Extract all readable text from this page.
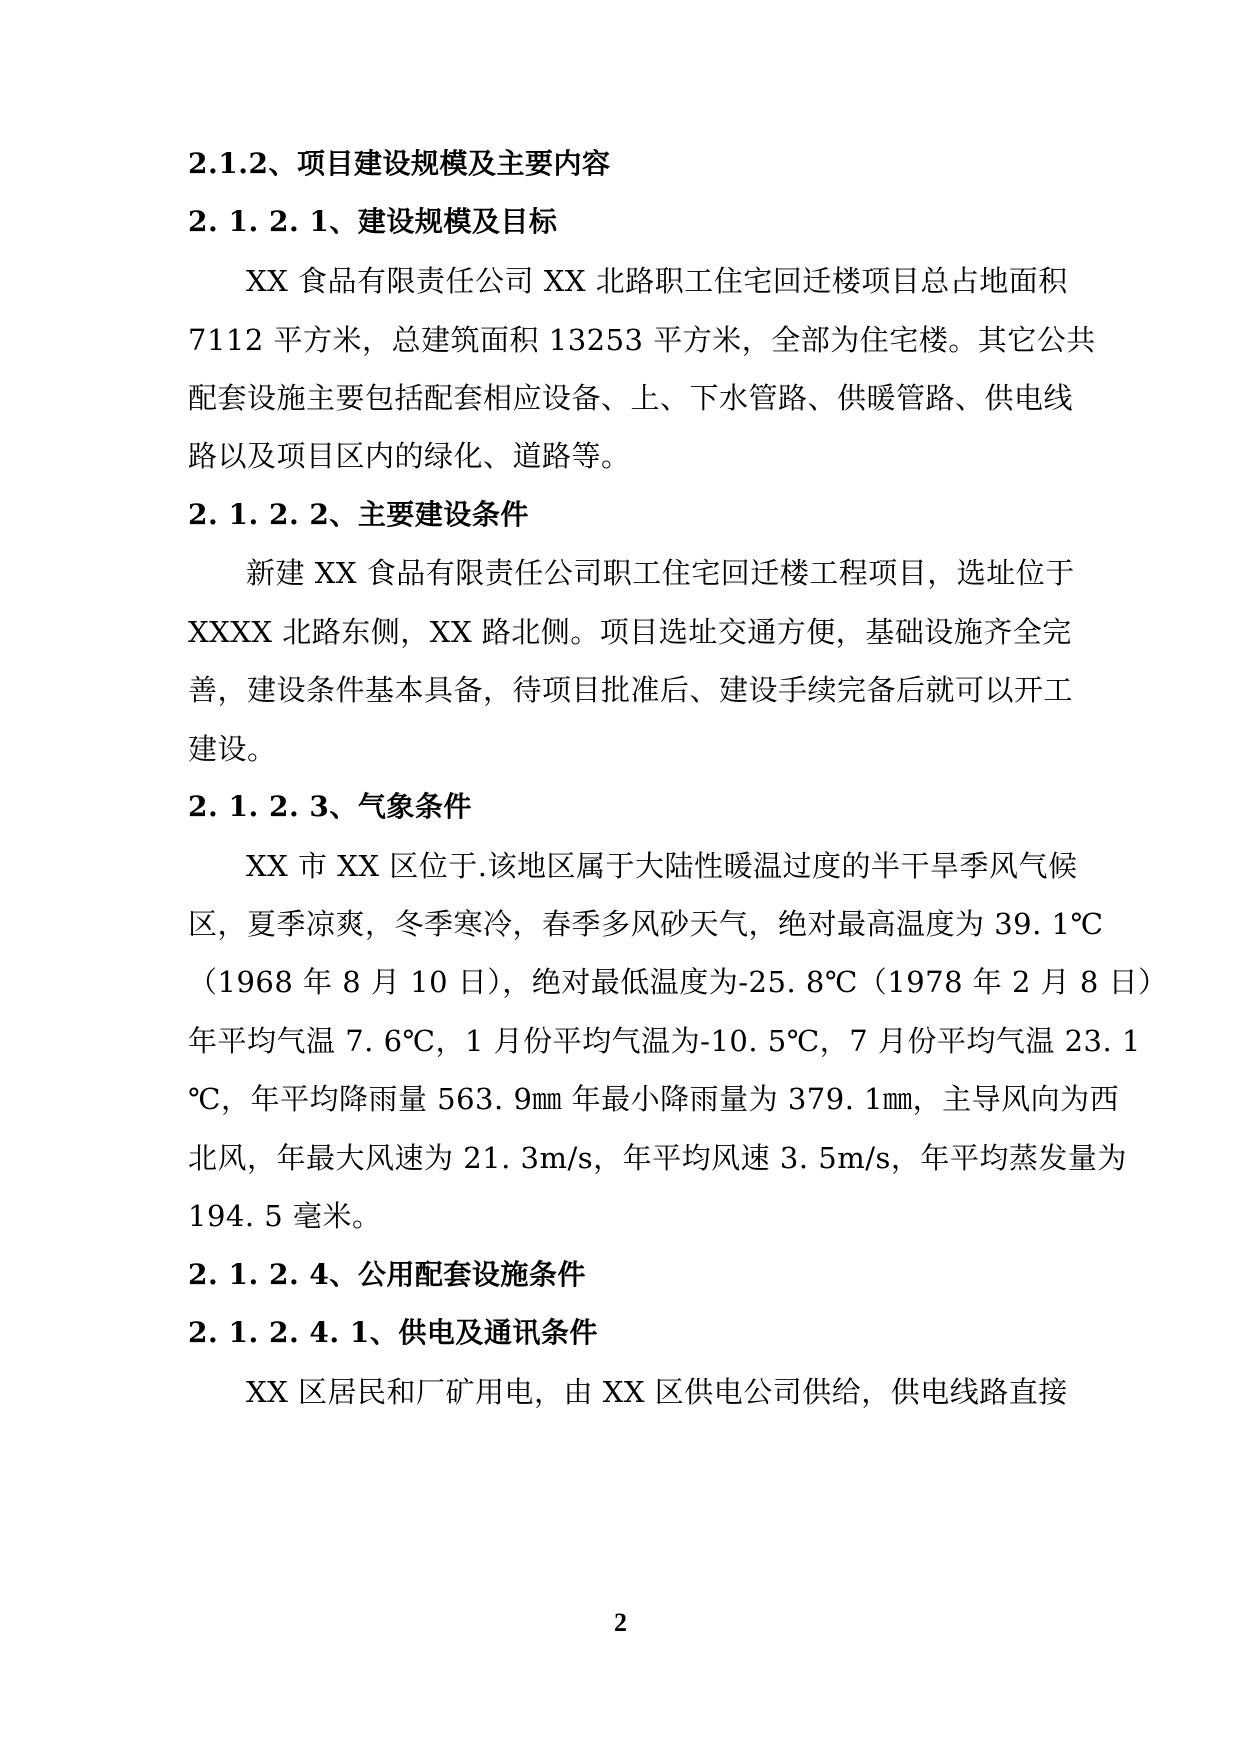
2.1.2、项目建设规模及主要内容
2. 1. 2. 1、建设规模及目标
XX 食品有限责任公司 XX 北路职工住宅回迁楼项目总占地面积
7112 平方米，总建筑面积 13253 平方米，全部为住宅楼。其它公共
配套设施主要包括配套相应设备、上、下水管路、供暖管路、供电线
路以及项目区内的绿化、道路等。
2. 1. 2. 2、主要建设条件
新建 XX 食品有限责任公司职工住宅回迁楼工程项目，选址位于
XXXX 北路东侧，XX 路北侧。项目选址交通方便，基础设施齐全完
善，建设条件基本具备，待项目批准后、建设手续完备后就可以开工
建设。
2. 1. 2. 3、气象条件
XX 市 XX 区位于.该地区属于大陆性暖温过度的半干旱季风气候
区，夏季凉爽，冬季寒冷，春季多风砂天气，绝对最高温度为 39. 1℃
（1968 年 8 月 10 日），绝对最低温度为-25. 8℃（1978 年 2 月 8 日）
年平均气温 7. 6℃，1 月份平均气温为-10. 5℃，7 月份平均气温 23. 1
℃，年平均降雨量 563. 9㎜ 年最小降雨量为 379. 1㎜，主导风向为西
北风，年最大风速为 21. 3m/s，年平均风速 3. 5m/s，年平均蒸发量为
194. 5 毫米。
2. 1. 2. 4、公用配套设施条件
2. 1. 2. 4. 1、供电及通讯条件
XX 区居民和厂矿用电，由 XX 区供电公司供给，供电线路直接
2
